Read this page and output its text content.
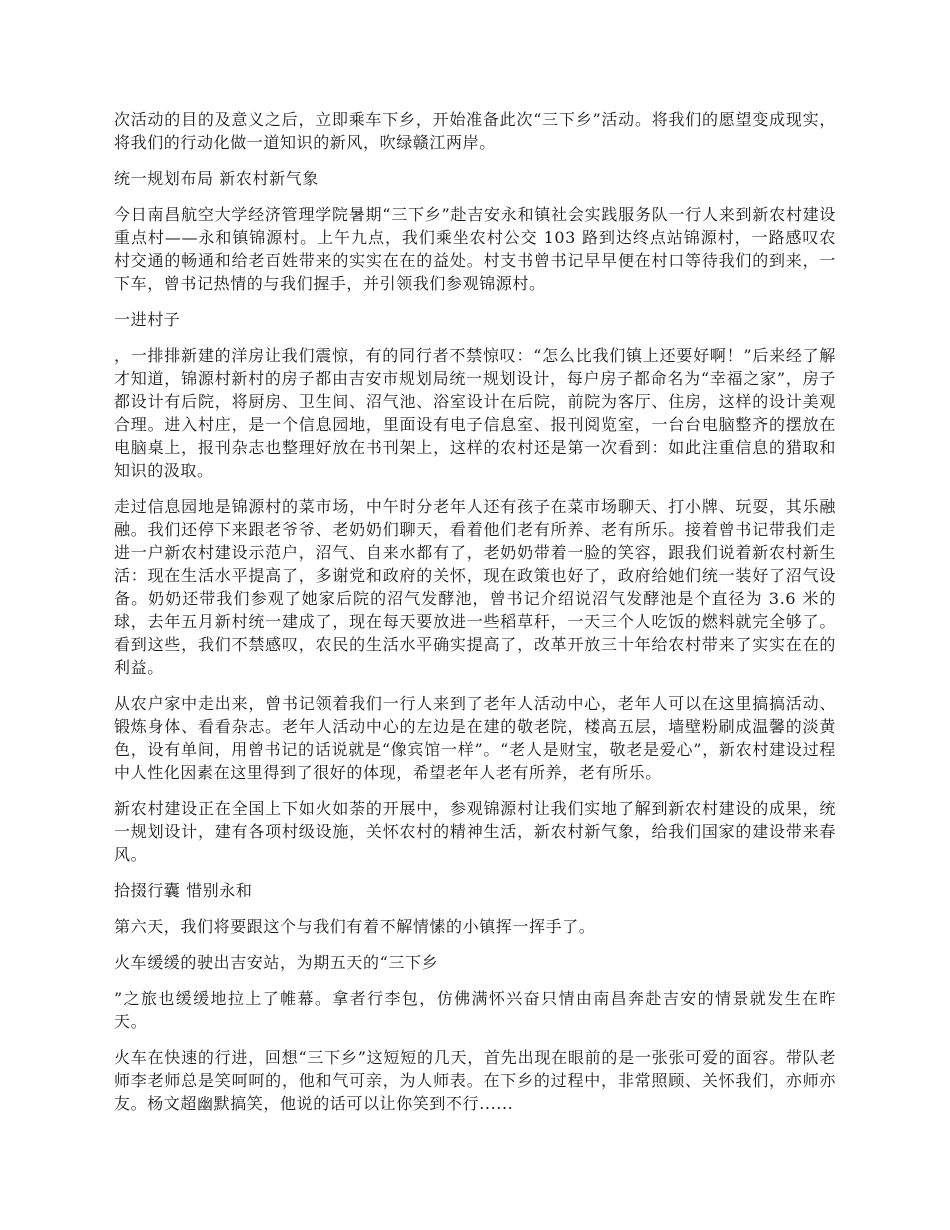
次活动的目的及意义之后，立即乘车下乡，开始准备此次“三下乡”活动。将我们的愿望变成现实，将我们的行动化做一道知识的新风，吹绿赣江两岸。

统一规划布局 新农村新气象

今日南昌航空大学经济管理学院暑期“三下乡”赴吉安永和镇社会实践服务队一行人来到新农村建设重点村——永和镇锦源村。上午九点，我们乘坐农村公交 103 路到达终点站锦源村，一路感叹农村交通的畅通和给老百姓带来的实实在在的益处。村支书曾书记早早便在村口等待我们的到来，一下车，曾书记热情的与我们握手，并引领我们参观锦源村。

一进村子

，一排排新建的洋房让我们震惊，有的同行者不禁惊叹：“怎么比我们镇上还要好啊！”后来经了解才知道，锦源村新村的房子都由吉安市规划局统一规划设计，每户房子都命名为“幸福之家”，房子都设计有后院，将厨房、卫生间、沼气池、浴室设计在后院，前院为客厅、住房，这样的设计美观合理。进入村庄，是一个信息园地，里面设有电子信息室、报刊阅览室，一台台电脑整齐的摆放在电脑桌上，报刊杂志也整理好放在书刊架上，这样的农村还是第一次看到：如此注重信息的猎取和知识的汲取。

走过信息园地是锦源村的菜市场，中午时分老年人还有孩子在菜市场聊天、打小牌、玩耍，其乐融融。我们还停下来跟老爷爷、老奶奶们聊天，看着他们老有所养、老有所乐。接着曾书记带我们走进一户新农村建设示范户，沼气、自来水都有了，老奶奶带着一脸的笑容，跟我们说着新农村新生活：现在生活水平提高了，多谢党和政府的关怀，现在政策也好了，政府给她们统一装好了沼气设备。奶奶还带我们参观了她家后院的沼气发酵池，曾书记介绍说沼气发酵池是个直径为 3.6 米的球，去年五月新村统一建成了，现在每天要放进一些稻草秆，一天三个人吃饭的燃料就完全够了。看到这些，我们不禁感叹，农民的生活水平确实提高了，改革开放三十年给农村带来了实实在在的利益。

从农户家中走出来，曾书记领着我们一行人来到了老年人活动中心，老年人可以在这里搞搞活动、锻炼身体、看看杂志。老年人活动中心的左边是在建的敬老院，楼高五层，墙壁粉刷成温馨的淡黄色，设有单间，用曾书记的话说就是“像宾馆一样”。“老人是财宝，敬老是爱心”，新农村建设过程中人性化因素在这里得到了很好的体现，希望老年人老有所养，老有所乐。

新农村建设正在全国上下如火如荼的开展中，参观锦源村让我们实地了解到新农村建设的成果，统一规划设计，建有各项村级设施，关怀农村的精神生活，新农村新气象，给我们国家的建设带来春风。

拾掇行囊 惜别永和

第六天，我们将要跟这个与我们有着不解情愫的小镇挥一挥手了。

火车缓缓的驶出吉安站，为期五天的“三下乡

”之旅也缓缓地拉上了帷幕。拿者行李包，仿佛满怀兴奋只情由南昌奔赴吉安的情景就发生在昨天。

火车在快速的行进，回想“三下乡”这短短的几天，首先出现在眼前的是一张张可爱的面容。带队老师李老师总是笑呵呵的，他和气可亲，为人师表。在下乡的过程中，非常照顾、关怀我们，亦师亦友。杨文超幽默搞笑，他说的话可以让你笑到不行......
